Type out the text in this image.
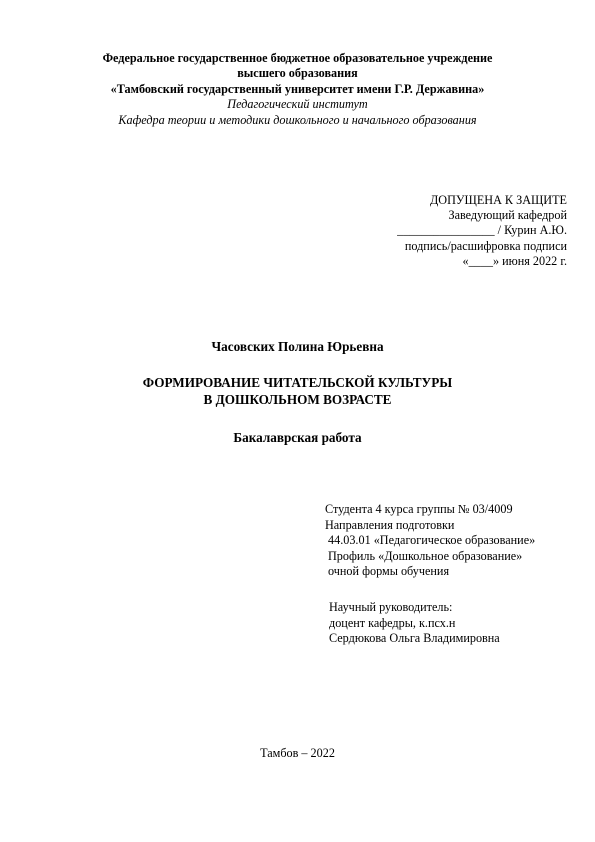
Федеральное государственное бюджетное образовательное учреждение
высшего образования
«Тамбовский государственный университет имени Г.Р. Державина»
Педагогический институт
Кафедра теории и методики дошкольного и начального образования
ДОПУЩЕНА К ЗАЩИТЕ
Заведующий кафедрой
________________ / Курин А.Ю.
подпись/расшифровка подписи
«____» июня 2022 г.
Часовских Полина Юрьевна
ФОРМИРОВАНИЕ ЧИТАТЕЛЬСКОЙ КУЛЬТУРЫ
В ДОШКОЛЬНОМ ВОЗРАСТЕ
Бакалаврская работа
Студента 4 курса группы № 03/4009
Направления подготовки
44.03.01 «Педагогическое образование»
Профиль «Дошкольное образование»
очной формы обучения
Научный руководитель:
доцент кафедры, к.псх.н
Сердюкова Ольга Владимировна
Тамбов – 2022
